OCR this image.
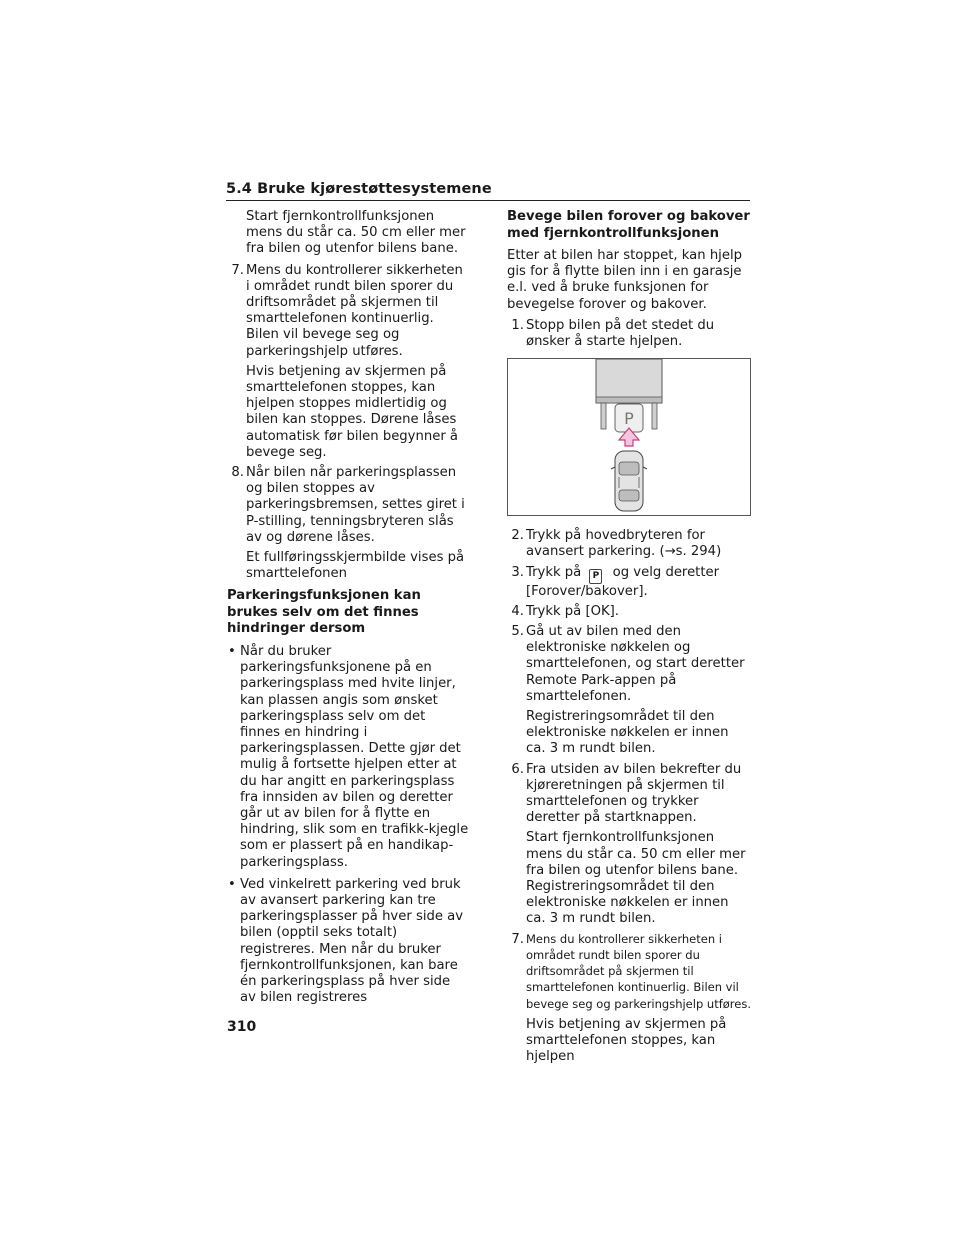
5.4 Bruke kjørestøttesystemene

Start fjernkontrollfunksjonen mens du står ca. 50 cm eller mer fra bilen og utenfor bilens bane.

7. Mens du kontrollerer sikkerheten i området rundt bilen sporer du driftsområdet på skjermen til smarttelefonen kontinuerlig. Bilen vil bevege seg og parkeringshjelp utføres.

Hvis betjening av skjermen på smarttelefonen stoppes, kan hjelpen stoppes midlertidig og bilen kan stoppes. Dørene låses automatisk før bilen begynner å bevege seg.

8. Når bilen når parkeringsplassen og bilen stoppes av parkeringsbremsen, settes giret i P-stilling, tenningsbryteren slås av og dørene låses.

Et fullføringsskjermbilde vises på smarttelefonen

Parkeringsfunksjonen kan brukes selv om det finnes hindringer dersom
• Når du bruker parkeringsfunksjonene på en parkeringsplass med hvite linjer, kan plassen angis som ønsket parkeringsplass selv om det finnes en hindring i parkeringsplassen. Dette gjør det mulig å fortsette hjelpen etter at du har angitt en parkeringsplass fra innsiden av bilen og deretter går ut av bilen for å flytte en hindring, slik som en trafikk-kjegle som er plassert på en handikap-parkeringsplass.
• Ved vinkelrett parkering ved bruk av avansert parkering kan tre parkeringsplasser på hver side av bilen (opptil seks totalt) registreres. Men når du bruker fjernkontrollfunksjonen, kan bare én parkeringsplass på hver side av bilen registreres
Bevege bilen forover og bakover med fjernkontrollfunksjonen

Etter at bilen har stoppet, kan hjelp gis for å flytte bilen inn i en garasje e.l. ved å bruke funksjonen for bevegelse forover og bakover.

1. Stopp bilen på det stedet du ønsker å starte hjelpen.
P
2. Trykk på hovedbryteren for avansert parkering. (→s. 294)
3. Trykk på P og velg deretter [Forover/bakover].
4. Trykk på [OK].
5. Gå ut av bilen med den elektroniske nøkkelen og smarttelefonen, og start deretter Remote Park-appen på smarttelefonen.

Registreringsområdet til den elektroniske nøkkelen er innen ca. 3 m rundt bilen.

6. Fra utsiden av bilen bekrefter du kjøreretningen på skjermen til smarttelefonen og trykker deretter på startknappen.

Start fjernkontrollfunksjonen mens du står ca. 50 cm eller mer fra bilen og utenfor bilens bane. Registreringsområdet til den elektroniske nøkkelen er innen ca. 3 m rundt bilen.

7. Mens du kontrollerer sikkerheten i området rundt bilen sporer du driftsområdet på skjermen til smarttelefonen kontinuerlig. Bilen vil bevege seg og parkeringshjelp utføres.

Hvis betjening av skjermen på smarttelefonen stoppes, kan hjelpen

310
